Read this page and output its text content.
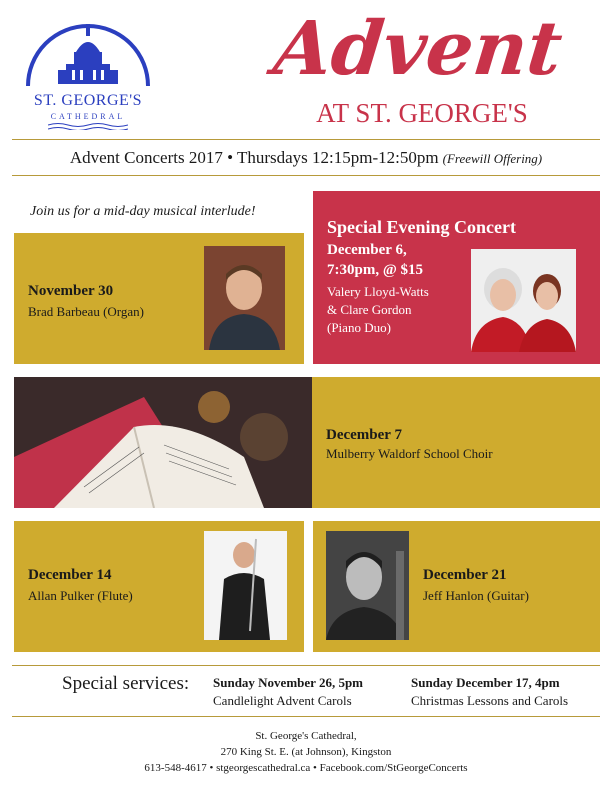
ST. GEORGE'S
CATHEDRAL
Advent
AT ST. GEORGE'S
Advent Concerts 2017 • Thursdays 12:15pm-12:50pm (Freewill Offering)
Join us for a mid-day musical interlude!
November 30
Brad Barbeau (Organ)
Special Evening Concert
December 6,
7:30pm, @ $15
Valery Lloyd-Watts
& Clare Gordon
(Piano Duo)
December 7
Mulberry Waldorf School Choir
December 14
Allan Pulker (Flute)
December 21
Jeff Hanlon (Guitar)
Special services: Sunday November 26, 5pm
Candlelight Advent Carols
Sunday December 17, 4pm
Christmas Lessons and Carols
St. George's Cathedral,
270 King St. E. (at Johnson), Kingston
613-548-4617 • stgeorgescathedral.ca • Facebook.com/StGeorgeConcerts
